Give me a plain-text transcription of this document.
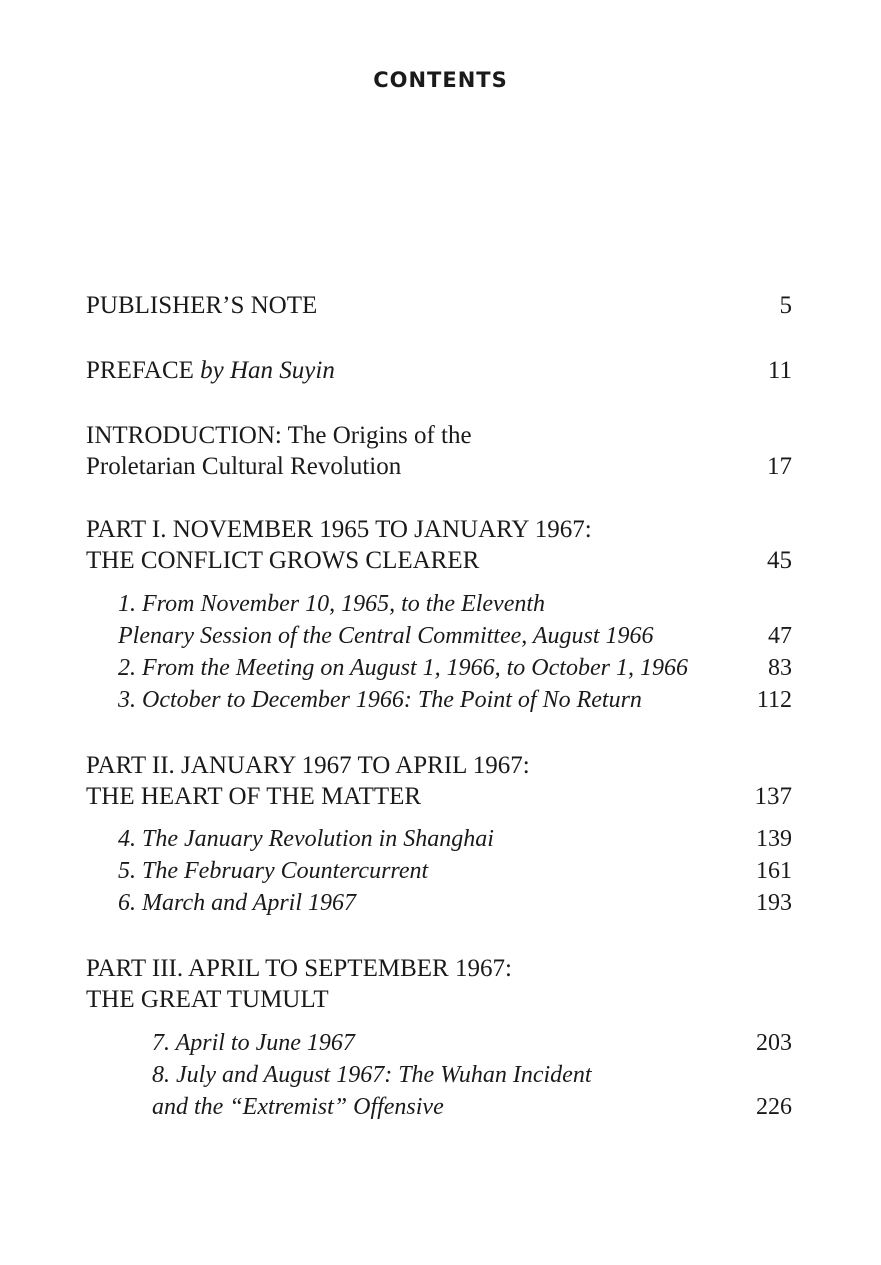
CONTENTS
PUBLISHER’S NOTE	5
PREFACE by Han Suyin	11
INTRODUCTION: The Origins of the
Proletarian Cultural Revolution	17
PART I. NOVEMBER 1965 TO JANUARY 1967:
THE CONFLICT GROWS CLEARER	45
1. From November 10, 1965, to the Eleventh
Plenary Session of the Central Committee, August 1966	47
2. From the Meeting on August 1, 1966, to October 1, 1966	83
3. October to December 1966: The Point of No Return	112
PART II. JANUARY 1967 TO APRIL 1967:
THE HEART OF THE MATTER	137
4. The January Revolution in Shanghai	139
5. The February Countercurrent	161
6. March and April 1967	193
PART III. APRIL TO SEPTEMBER 1967:
THE GREAT TUMULT
7. April to June 1967	203
8. July and August 1967: The Wuhan Incident
and the “Extremist” Offensive	226
